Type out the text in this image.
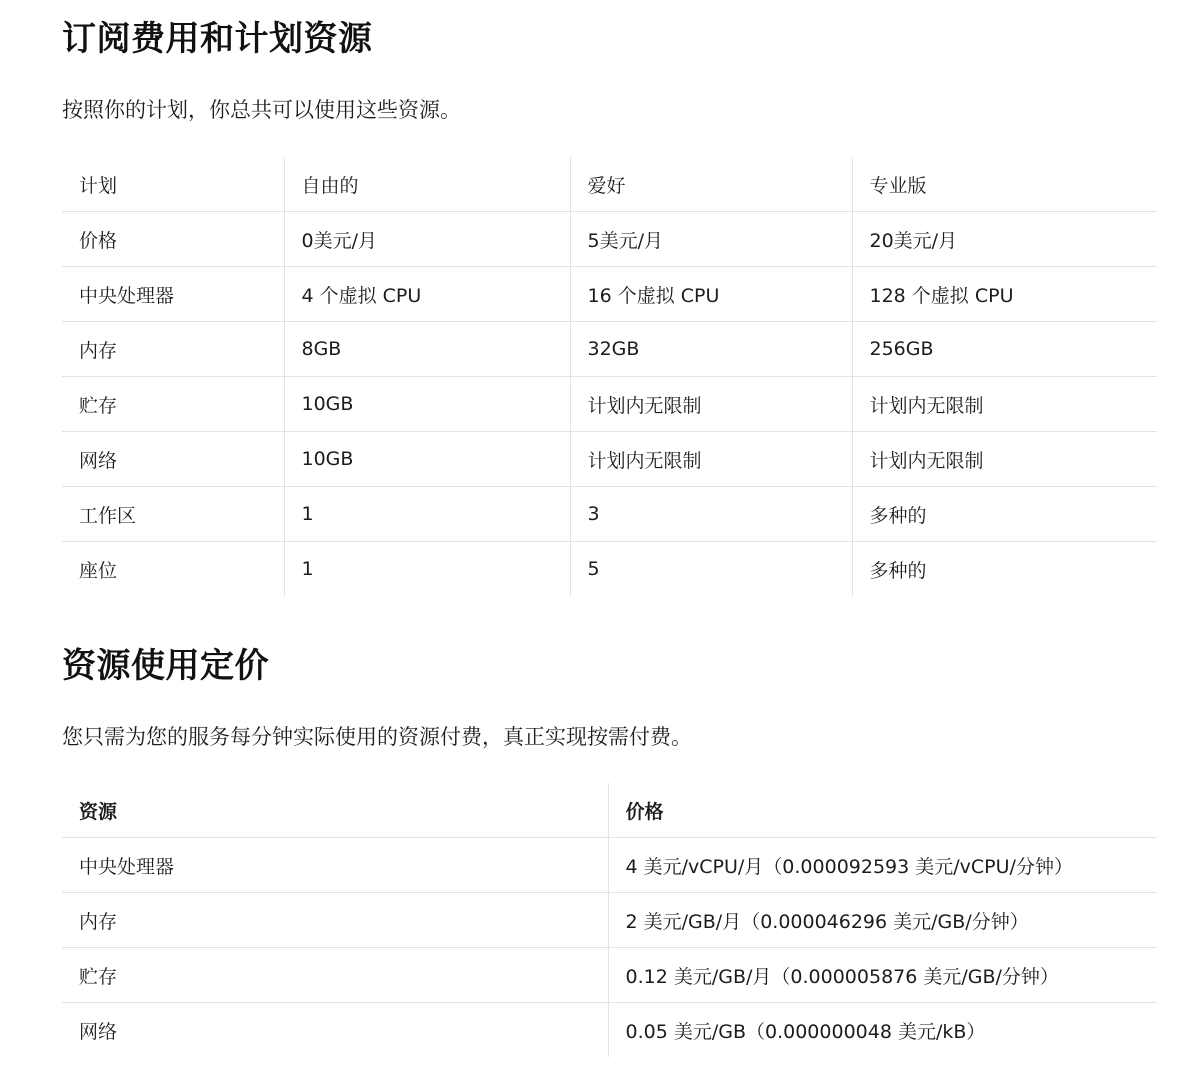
订阅费用和计划资源

按照你的计划，你总共可以使用这些资源。

计划	自由的	爱好	专业版
价格	0美元/月	5美元/月	20美元/月
中央处理器	4 个虚拟 CPU	16 个虚拟 CPU	128 个虚拟 CPU
内存	8GB	32GB	256GB
贮存	10GB	计划内无限制	计划内无限制
网络	10GB	计划内无限制	计划内无限制
工作区	1	3	多种的
座位	1	5	多种的
资源使用定价

您只需为您的服务每分钟实际使用的资源付费，真正实现按需付费。

资源	价格
中央处理器	4 美元/vCPU/月（0.000092593 美元/vCPU/分钟）
内存	2 美元/GB/月（0.000046296 美元/GB/分钟）
贮存	0.12 美元/GB/月（0.000005876 美元/GB/分钟）
网络	0.05 美元/GB（0.000000048 美元/kB）
